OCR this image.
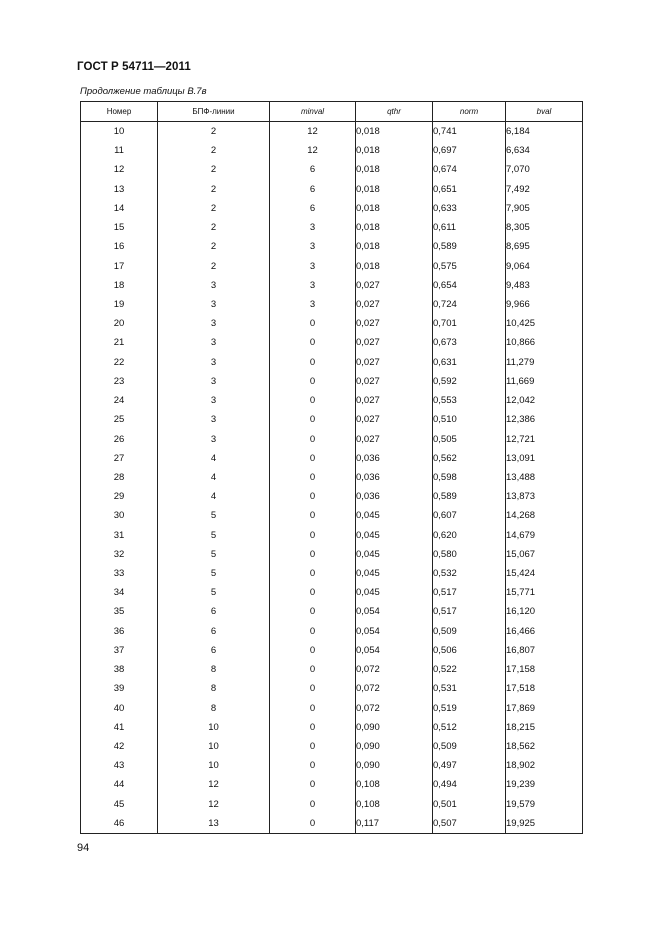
ГОСТ Р 54711—2011
Продолжение таблицы В.7в
Номер	БПФ-линии	minval	qthr	norm	bval
10	2	12	0,018	0,741	6,184
11	2	12	0,018	0,697	6,634
12	2	6	0,018	0,674	7,070
13	2	6	0,018	0,651	7,492
14	2	6	0,018	0,633	7,905
15	2	3	0,018	0,611	8,305
16	2	3	0,018	0,589	8,695
17	2	3	0,018	0,575	9,064
18	3	3	0,027	0,654	9,483
19	3	3	0,027	0,724	9,966
20	3	0	0,027	0,701	10,425
21	3	0	0,027	0,673	10,866
22	3	0	0,027	0,631	11,279
23	3	0	0,027	0,592	11,669
24	3	0	0,027	0,553	12,042
25	3	0	0,027	0,510	12,386
26	3	0	0,027	0,505	12,721
27	4	0	0,036	0,562	13,091
28	4	0	0,036	0,598	13,488
29	4	0	0,036	0,589	13,873
30	5	0	0,045	0,607	14,268
31	5	0	0,045	0,620	14,679
32	5	0	0,045	0,580	15,067
33	5	0	0,045	0,532	15,424
34	5	0	0,045	0,517	15,771
35	6	0	0,054	0,517	16,120
36	6	0	0,054	0,509	16,466
37	6	0	0,054	0,506	16,807
38	8	0	0,072	0,522	17,158
39	8	0	0,072	0,531	17,518
40	8	0	0,072	0,519	17,869
41	10	0	0,090	0,512	18,215
42	10	0	0,090	0,509	18,562
43	10	0	0,090	0,497	18,902
44	12	0	0,108	0,494	19,239
45	12	0	0,108	0,501	19,579
46	13	0	0,117	0,507	19,925
94
